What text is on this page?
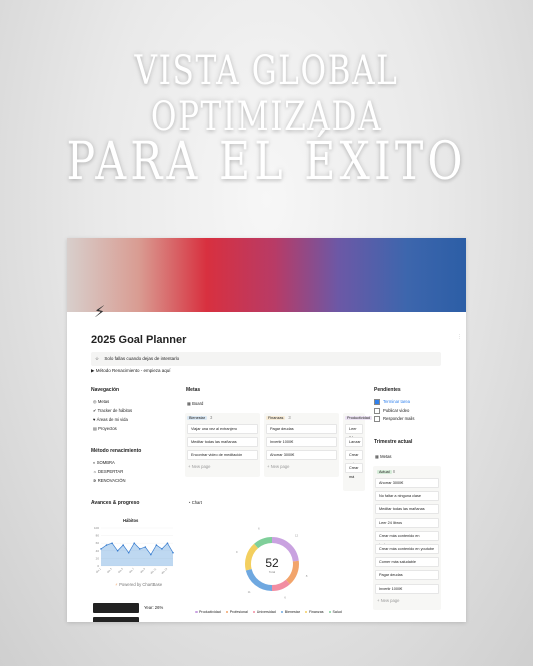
VISTA GLOBAL OPTIMIZADA
PARA EL ÉXITO
⚡︎
2025 Goal Planner
☆ Solo fallas cuando dejas de intentarlo
▶ Método Renacimiento - empieza aquí
Navegación
◎ Metas
✔ Tracker de hábitos
♥ Áreas de mi vida
▤ Proyectos
Método renacimiento
◐ SOMBRA
☼ DESPERTAR
✲ RENOVACIÓN
Avances & progreso
Hábitos
0
20
40
60
80
100
día 1 día 3 día 5 día 7 día 9 día 11 día 13
⚡︎ Powered by ChartBase
Year: 26%
Metas
▦ Board
◔ Chart
12
8
6
11
9
6
52
Total
Productividad	Profesional	Universidad	Bienestar	Finanzas	Salud
Pendientes
Trimestre actual
▦ Metas
Actual 8
⋮
Bienestar 3
Viajar una vez al extranjero
Meditar todas las mañanas
Encontrar video de meditación
+ New page
Finanzas 3
Pagar deudas
Invertir 1000€
Ahorrar 3000€
+ New page
Productividad
Leer
Lanzar
Crear
Crear má
Terminar tarea
Publicar video
Responder mails
Ahorrar 3000€
No faltar a ninguna clase
Meditar todas las mañanas
Leer 24 libros
Crear más contenido en
Crear más contenido en youtube
Comer más saludable
Pagar deudas
Invertir 1000€
+ New page
